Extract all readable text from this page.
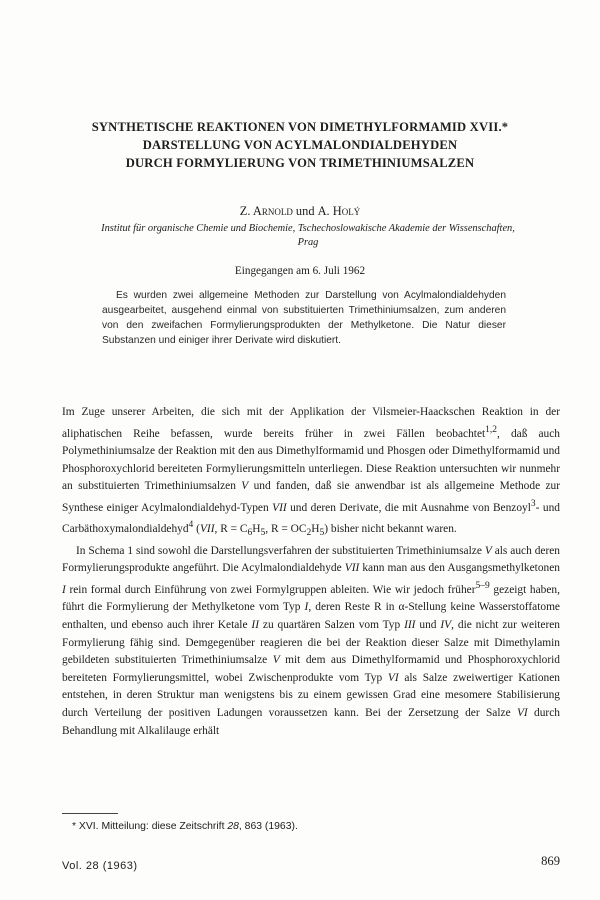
SYNTHETISCHE REAKTIONEN VON DIMETHYLFORMAMID XVII.*
DARSTELLUNG VON ACYLMALONDIALDEHYDEN
DURCH FORMYLIERUNG VON TRIMETHINIUMSALZEN
Z. Arnold und A. Holý
Institut für organische Chemie und Biochemie, Tschechoslowakische Akademie der Wissenschaften,
Prag
Eingegangen am 6. Juli 1962
Es wurden zwei allgemeine Methoden zur Darstellung von Acylmalondialdehyden ausgearbeitet, ausgehend einmal von substituierten Trimethiniumsalzen, zum anderen von den zweifachen Formylierungsprodukten der Methylketone. Die Natur dieser Substanzen und einiger ihrer Derivate wird diskutiert.

Im Zuge unserer Arbeiten, die sich mit der Applikation der Vilsmeier-Haackschen Reaktion in der aliphatischen Reihe befassen, wurde bereits früher in zwei Fällen beobachtet$^{1,2}$, daß auch Polymethiniumsalze der Reaktion mit den aus Dimethylformamid und Phosgen oder Dimethylformamid und Phosphoroxychlorid bereiteten Formylierungsmitteln unterliegen. Diese Reaktion untersuchten wir nunmehr an substituierten Trimethiniumsalzen V und fanden, daß sie anwendbar ist als allgemeine Methode zur Synthese einiger Acylmalondialdehyd-Typen VII und deren Derivate, die mit Ausnahme von Benzoyl$^3$- und Carbäthoxymalondialdehyd$^4$ (VII, $R = C_6H_5$, $R = OC_2H_5$) bisher nicht bekannt waren.

In Schema 1 sind sowohl die Darstellungsverfahren der substituierten Trimethiniumsalze V als auch deren Formylierungsprodukte angeführt. Die Acylmalondialdehyde VII kann man aus den Ausgangsmethylketonen I rein formal durch Einführung von zwei Formylgruppen ableiten. Wie wir jedoch früher$^{5-9}$ gezeigt haben, führt die Formylierung der Methylketone vom Typ I, deren Reste R in α-Stellung keine Wasserstoffatome enthalten, und ebenso auch ihrer Ketale II zu quartären Salzen vom Typ III und IV, die nicht zur weiteren Formylierung fähig sind. Demgegenüber reagieren die bei der Reaktion dieser Salze mit Dimethylamin gebildeten substituierten Trimethiniumsalze V mit dem aus Dimethylformamid und Phosphoroxychlorid bereiteten Formylierungsmittel, wobei Zwischenprodukte vom Typ VI als Salze zweiwertiger Kationen entstehen, in deren Struktur man wenigstens bis zu einem gewissen Grad eine mesomere Stabilisierung durch Verteilung der positiven Ladungen voraussetzen kann. Bei der Zersetzung der Salze VI durch Behandlung mit Alkalilauge erhält

* XVI. Mitteilung: diese Zeitschrift 28, 863 (1963).
Vol. 28 (1963)	869
